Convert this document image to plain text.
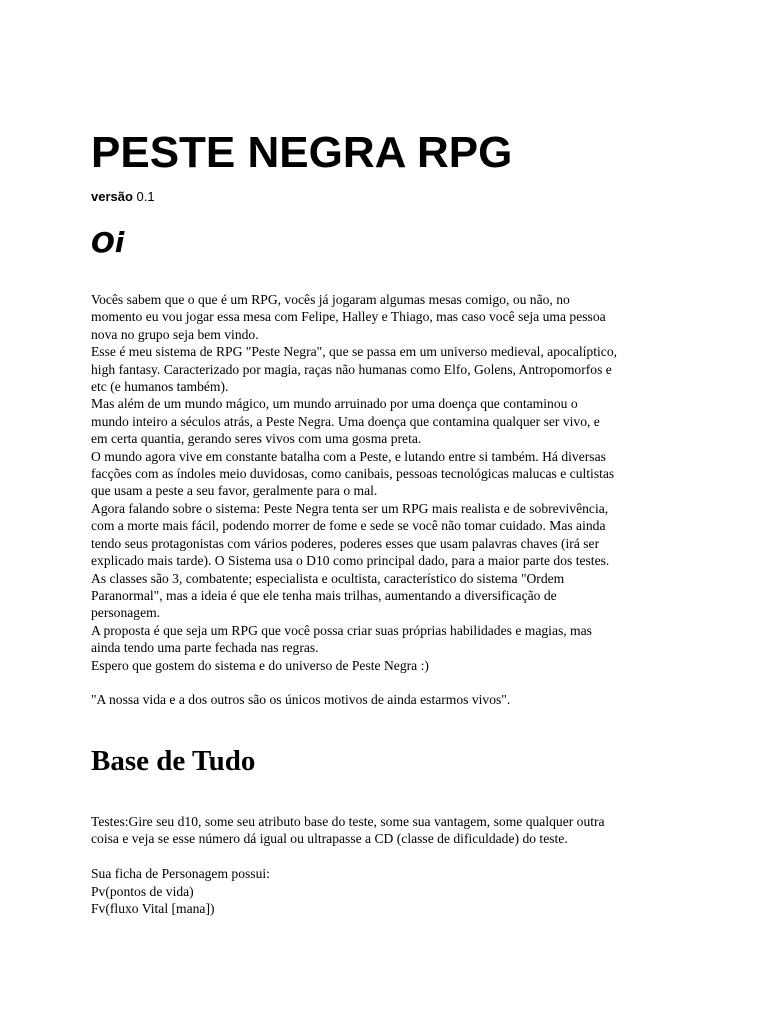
PESTE NEGRA RPG
versão 0.1
Oi

Vocês sabem que o que é um RPG, vocês já jogaram algumas mesas comigo, ou não, no

momento eu vou jogar essa mesa com Felipe, Halley e Thiago, mas caso você seja uma pessoa

nova no grupo seja bem vindo.

Esse é meu sistema de RPG "Peste Negra", que se passa em um universo medieval, apocalíptico,

high fantasy. Caracterizado por magia, raças não humanas como Elfo, Golens, Antropomorfos e

etc (e humanos também).

Mas além de um mundo mágico, um mundo arruinado por uma doença que contaminou o

mundo inteiro a séculos atrás, a Peste Negra. Uma doença que contamina qualquer ser vivo, e

em certa quantia, gerando seres vivos com uma gosma preta.

O mundo agora vive em constante batalha com a Peste, e lutando entre si também. Há diversas

facções com as índoles meio duvidosas, como canibais, pessoas tecnológicas malucas e cultistas

que usam a peste a seu favor, geralmente para o mal.

Agora falando sobre o sistema: Peste Negra tenta ser um RPG mais realista e de sobrevivência,

com a morte mais fácil, podendo morrer de fome e sede se você não tomar cuidado. Mas ainda

tendo seus protagonistas com vários poderes, poderes esses que usam palavras chaves (irá ser

explicado mais tarde). O Sistema usa o D10 como principal dado, para a maior parte dos testes.

As classes são 3, combatente; especialista e ocultista, característico do sistema "Ordem

Paranormal", mas a ideia é que ele tenha mais trilhas, aumentando a diversificação de

personagem.

A proposta é que seja um RPG que você possa criar suas próprias habilidades e magias, mas

ainda tendo uma parte fechada nas regras.

Espero que gostem do sistema e do universo de Peste Negra :)

"A nossa vida e a dos outros são os únicos motivos de ainda estarmos vivos".

Base de Tudo

Testes:Gire seu d10, some seu atributo base do teste, some sua vantagem, some qualquer outra

coisa e veja se esse número dá igual ou ultrapasse a CD (classe de dificuldade) do teste.

Sua ficha de Personagem possui:

Pv(pontos de vida)

Fv(fluxo Vital [mana])
